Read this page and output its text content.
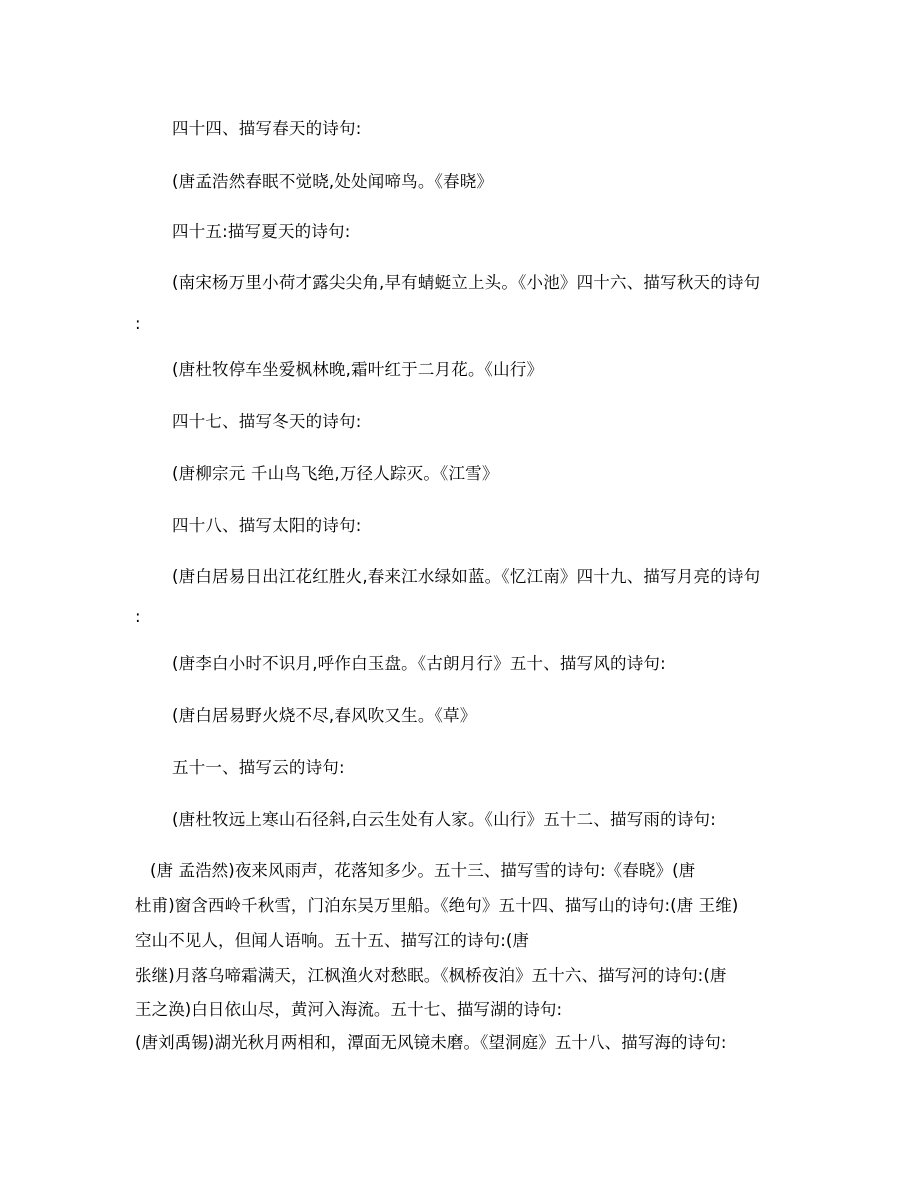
四十四、描写春天的诗句:
(唐孟浩然春眠不觉晓,处处闻啼鸟。《春晓》
四十五:描写夏天的诗句:
(南宋杨万里小荷才露尖尖角,早有蜻蜓立上头。《小池》四十六、描写秋天的诗句
:
(唐杜牧停车坐爱枫林晚,霜叶红于二月花。《山行》
四十七、描写冬天的诗句:
(唐柳宗元 千山鸟飞绝,万径人踪灭。《江雪》
四十八、描写太阳的诗句:
(唐白居易日出江花红胜火,春来江水绿如蓝。《忆江南》四十九、描写月亮的诗句
:
(唐李白小时不识月,呼作白玉盘。《古朗月行》五十、描写风的诗句:
(唐白居易野火烧不尽,春风吹又生。《草》
五十一、描写云的诗句:
(唐杜牧远上寒山石径斜,白云生处有人家。《山行》五十二、描写雨的诗句:
(唐 孟浩然)夜来风雨声，花落知多少。五十三、描写雪的诗句:《春晓》(唐
杜甫)窗含西岭千秋雪，门泊东吴万里船。《绝句》五十四、描写山的诗句:(唐 王维)
空山不见人，但闻人语响。五十五、描写江的诗句:(唐
张继)月落乌啼霜满天，江枫渔火对愁眠。《枫桥夜泊》五十六、描写河的诗句:(唐
王之涣)白日依山尽，黄河入海流。五十七、描写湖的诗句:
(唐刘禹锡)湖光秋月两相和，潭面无风镜未磨。《望洞庭》五十八、描写海的诗句:
